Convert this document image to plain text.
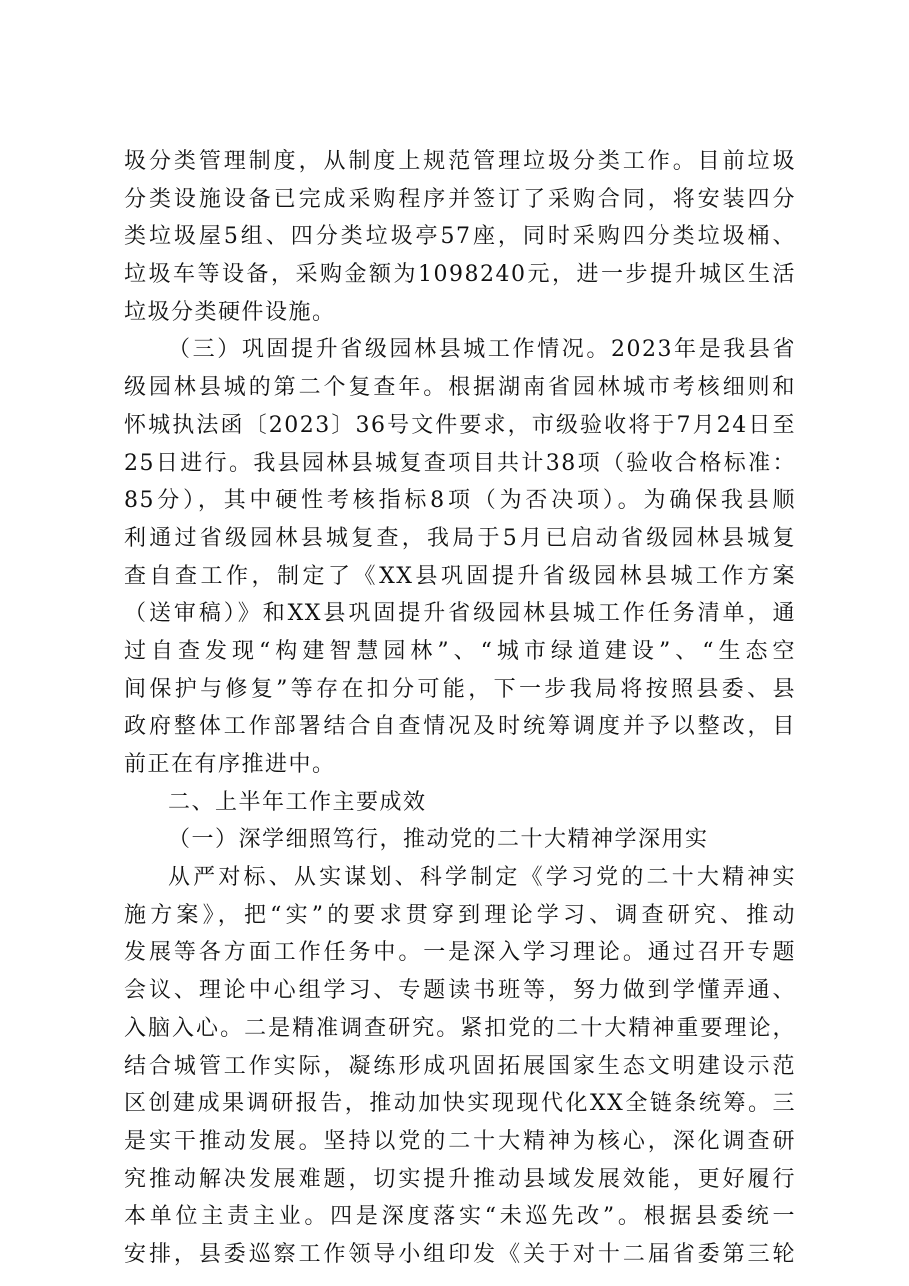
圾分类管理制度，从制度上规范管理垃圾分类工作。目前垃圾
分类设施设备已完成采购程序并签订了采购合同，将安装四分
类垃圾屋5组、四分类垃圾亭57座，同时采购四分类垃圾桶、
垃圾车等设备，采购金额为1098240元，进一步提升城区生活
垃圾分类硬件设施。
（三）巩固提升省级园林县城工作情况。2023年是我县省
级园林县城的第二个复查年。根据湖南省园林城市考核细则和
怀城执法函〔2023〕36号文件要求，市级验收将于7月24日至
25日进行。我县园林县城复查项目共计38项（验收合格标准：
85分），其中硬性考核指标8项（为否决项）。为确保我县顺
利通过省级园林县城复查，我局于5月已启动省级园林县城复
查自查工作，制定了《XX县巩固提升省级园林县城工作方案
（送审稿）》和XX县巩固提升省级园林县城工作任务清单，通
过自查发现“构建智慧园林”、“城市绿道建设”、“生态空
间保护与修复”等存在扣分可能，下一步我局将按照县委、县
政府整体工作部署结合自查情况及时统筹调度并予以整改，目
前正在有序推进中。
二、上半年工作主要成效
（一）深学细照笃行，推动党的二十大精神学深用实
从严对标、从实谋划、科学制定《学习党的二十大精神实
施方案》，把“实”的要求贯穿到理论学习、调查研究、推动
发展等各方面工作任务中。一是深入学习理论。通过召开专题
会议、理论中心组学习、专题读书班等，努力做到学懂弄通、
入脑入心。二是精准调查研究。紧扣党的二十大精神重要理论，
结合城管工作实际，凝练形成巩固拓展国家生态文明建设示范
区创建成果调研报告，推动加快实现现代化XX全链条统筹。三
是实干推动发展。坚持以党的二十大精神为核心，深化调查研
究推动解决发展难题，切实提升推动县域发展效能，更好履行
本单位主责主业。四是深度落实“未巡先改”。根据县委统一
安排，县委巡察工作领导小组印发《关于对十二届省委第三轮
